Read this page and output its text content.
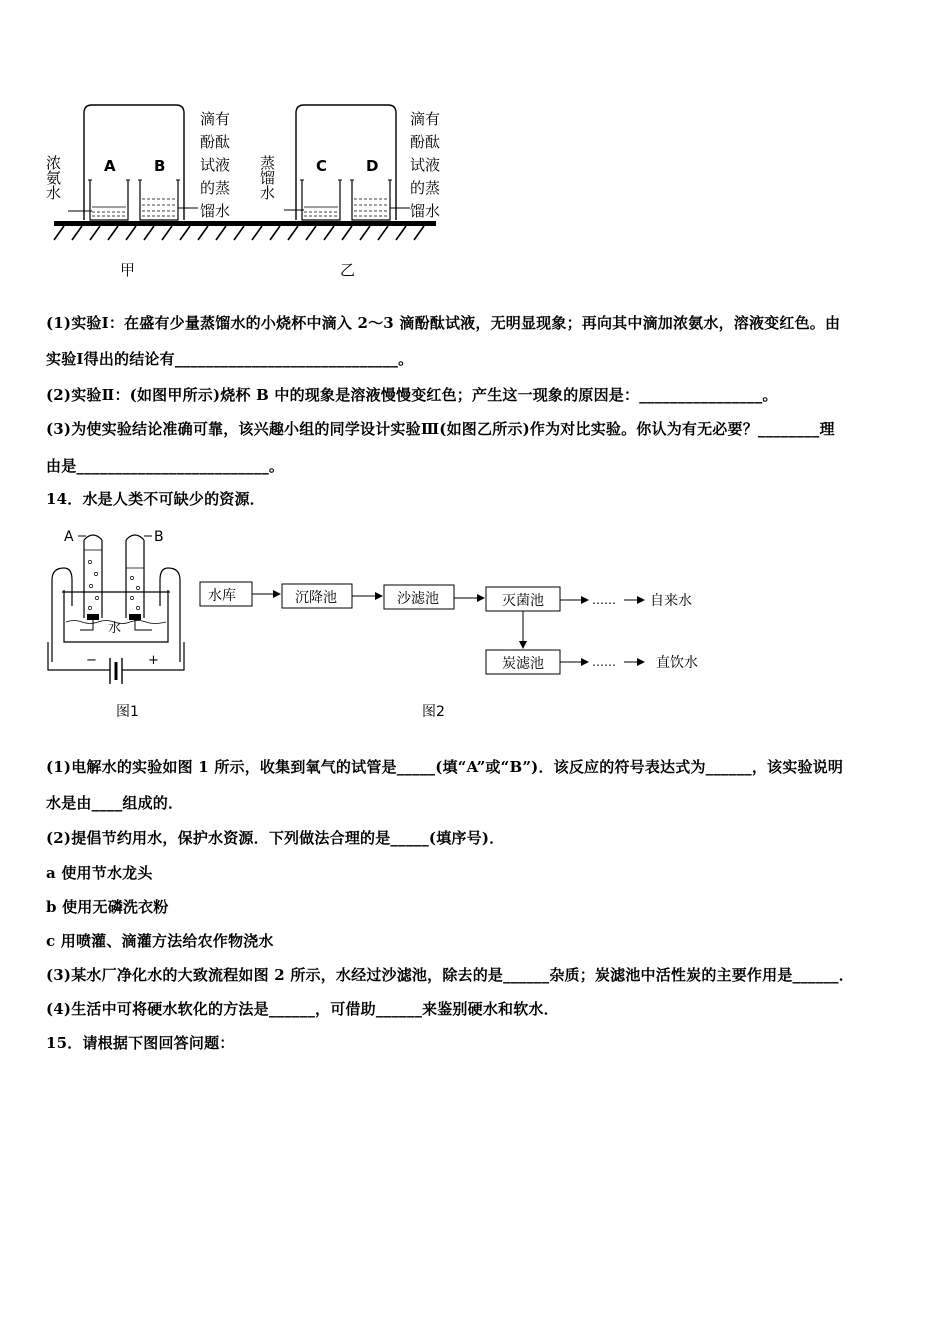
A	B	C	D
甲	乙
浓氨水
滴有酚酞试液的蒸馏水
蒸馏水
滴有酚酞试液的蒸馏水
(1)实验Ⅰ：在盛有少量蒸馏水的小烧杯中滴入 2～3 滴酚酞试液，无明显现象；再向其中滴加浓氨水，溶液变红色。由
实验Ⅰ得出的结论有_____________________________。
(2)实验Ⅱ：(如图甲所示)烧杯 B 中的现象是溶液慢慢变红色；产生这一现象的原因是：________________。
(3)为使实验结论准确可靠，该兴趣小组的同学设计实验Ⅲ(如图乙所示)作为对比实验。你认为有无必要？________理
由是_________________________。
14．水是人类不可缺少的资源．
A	B
水
−	+
图1
水库	沉降池	沙滤池	灭菌池
炭滤池
……
……
自来水
直饮水
图2
(1)电解水的实验如图 1 所示，收集到氧气的试管是_____(填“A”或“B”)．该反应的符号表达式为______，该实验说明
水是由____组成的．
(2)提倡节约用水，保护水资源．下列做法合理的是_____(填序号)．
a 使用节水龙头
b 使用无磷洗衣粉
c 用喷灌、滴灌方法给农作物浇水
(3)某水厂净化水的大致流程如图 2 所示，水经过沙滤池，除去的是______杂质；炭滤池中活性炭的主要作用是______．
(4)生活中可将硬水软化的方法是______，可借助______来鉴别硬水和软水．
15．请根据下图回答问题：
